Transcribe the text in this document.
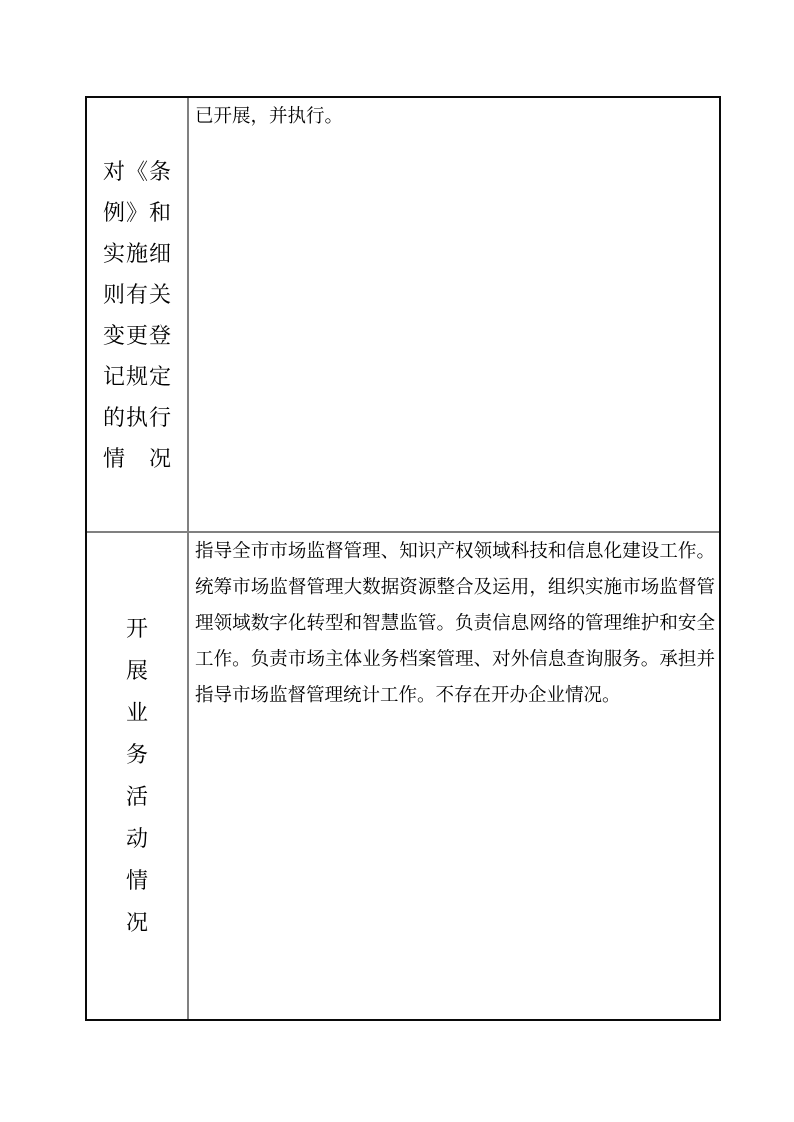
对《条
例》和
实施细
则有关
变更登
记规定
的执行
情况
已开展，并执行。
开
展
业
务
活
动
情
况
指导全市市场监督管理、知识产权领域科技和信息化建设工作。统筹市场监督管理大数据资源整合及运用，组织实施市场监督管理领域数字化转型和智慧监管。负责信息网络的管理维护和安全工作。负责市场主体业务档案管理、对外信息查询服务。承担并指导市场监督管理统计工作。不存在开办企业情况。
